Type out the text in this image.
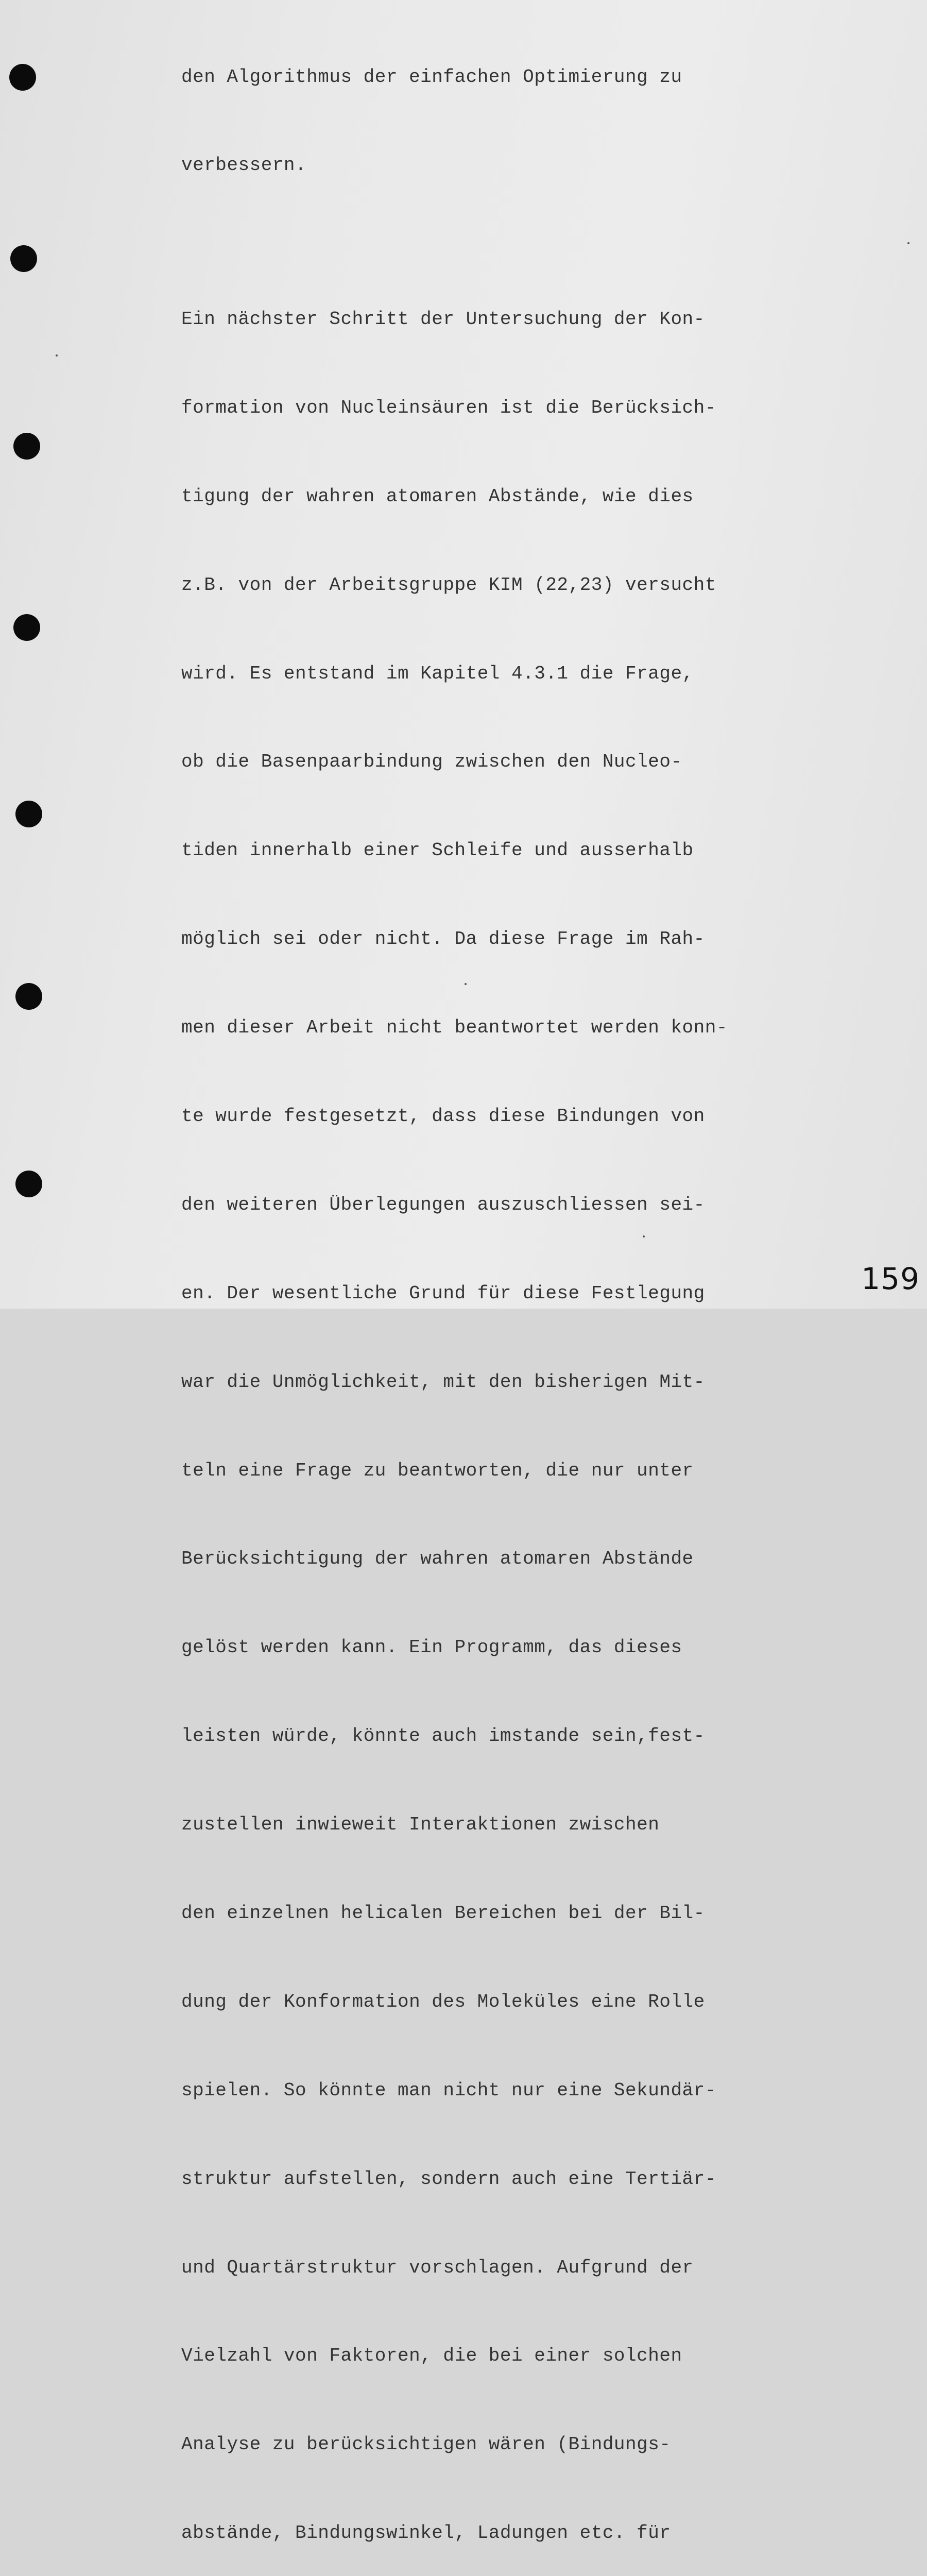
den Algorithmus der einfachen Optimierung zu

verbessern.

Ein nächster Schritt der Untersuchung der Kon-

formation von Nucleinsäuren ist die Berücksich-

tigung der wahren atomaren Abstände, wie dies

z.B. von der Arbeitsgruppe KIM (22,23) versucht

wird. Es entstand im Kapitel 4.3.1 die Frage,

ob die Basenpaarbindung zwischen den Nucleo-

tiden innerhalb einer Schleife und ausserhalb

möglich sei oder nicht. Da diese Frage im Rah-

men dieser Arbeit nicht beantwortet werden konn-

te wurde festgesetzt, dass diese Bindungen von

den weiteren Überlegungen auszuschliessen sei-

en. Der wesentliche Grund für diese Festlegung

war die Unmöglichkeit, mit den bisherigen Mit-

teln eine Frage zu beantworten, die nur unter

Berücksichtigung der wahren atomaren Abstände

gelöst werden kann. Ein Programm, das dieses

leisten würde, könnte auch imstande sein,fest-

zustellen inwieweit Interaktionen zwischen

den einzelnen helicalen Bereichen bei der Bil-

dung der Konformation des Moleküles eine Rolle

spielen. So könnte man nicht nur eine Sekundär-

struktur aufstellen, sondern auch eine Tertiär-

und Quartärstruktur vorschlagen. Aufgrund der

Vielzahl von Faktoren, die bei einer solchen

Analyse zu berücksichtigen wären (Bindungs-

abstände, Bindungswinkel, Ladungen etc. für

159
